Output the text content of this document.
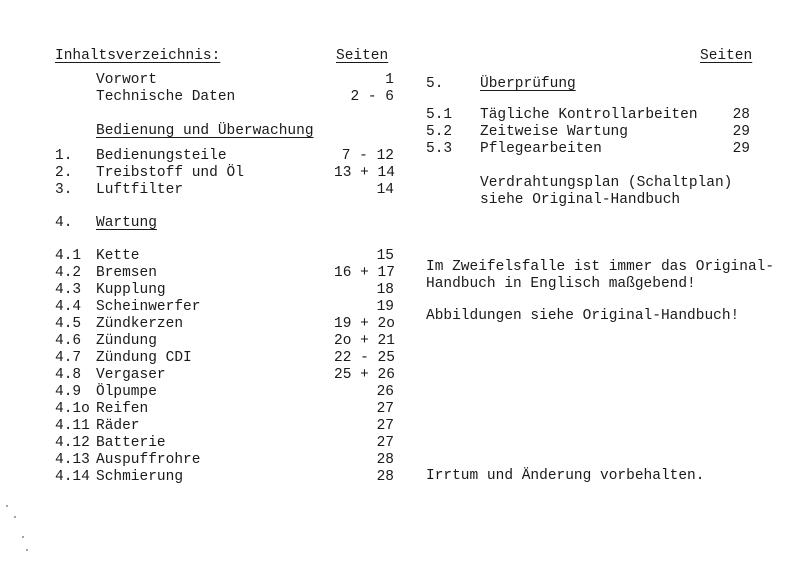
Inhaltsverzeichnis:	Seiten
Vorwort	1
Technische Daten	2 - 6
Bedienung und Überwachung
1. Bedienungsteile	7 - 12
2. Treibstoff und Öl	13 + 14
3. Luftfilter	14
4. Wartung
4.1 Kette	15
4.2 Bremsen	16 + 17
4.3 Kupplung	18
4.4 Scheinwerfer	19
4.5 Zündkerzen	19 + 2o
4.6 Zündung	2o + 21
4.7 Zündung CDI	22 - 25
4.8 Vergaser	25 + 26
4.9 Ölpumpe	26
4.1o Reifen	27
4.11 Räder	27
4.12 Batterie	27
4.13 Auspuffrohre	28
4.14 Schmierung	28
Seiten
5.	Überprüfung
5.1 Tägliche Kontrollarbeiten	28
5.2 Zeitweise Wartung	29
5.3 Pflegearbeiten	29
Verdrahtungsplan (Schaltplan)
siehe Original-Handbuch
Im Zweifelsfalle ist immer das Original-
Handbuch in Englisch maßgebend!
Abbildungen siehe Original-Handbuch!
Irrtum und Änderung vorbehalten.
